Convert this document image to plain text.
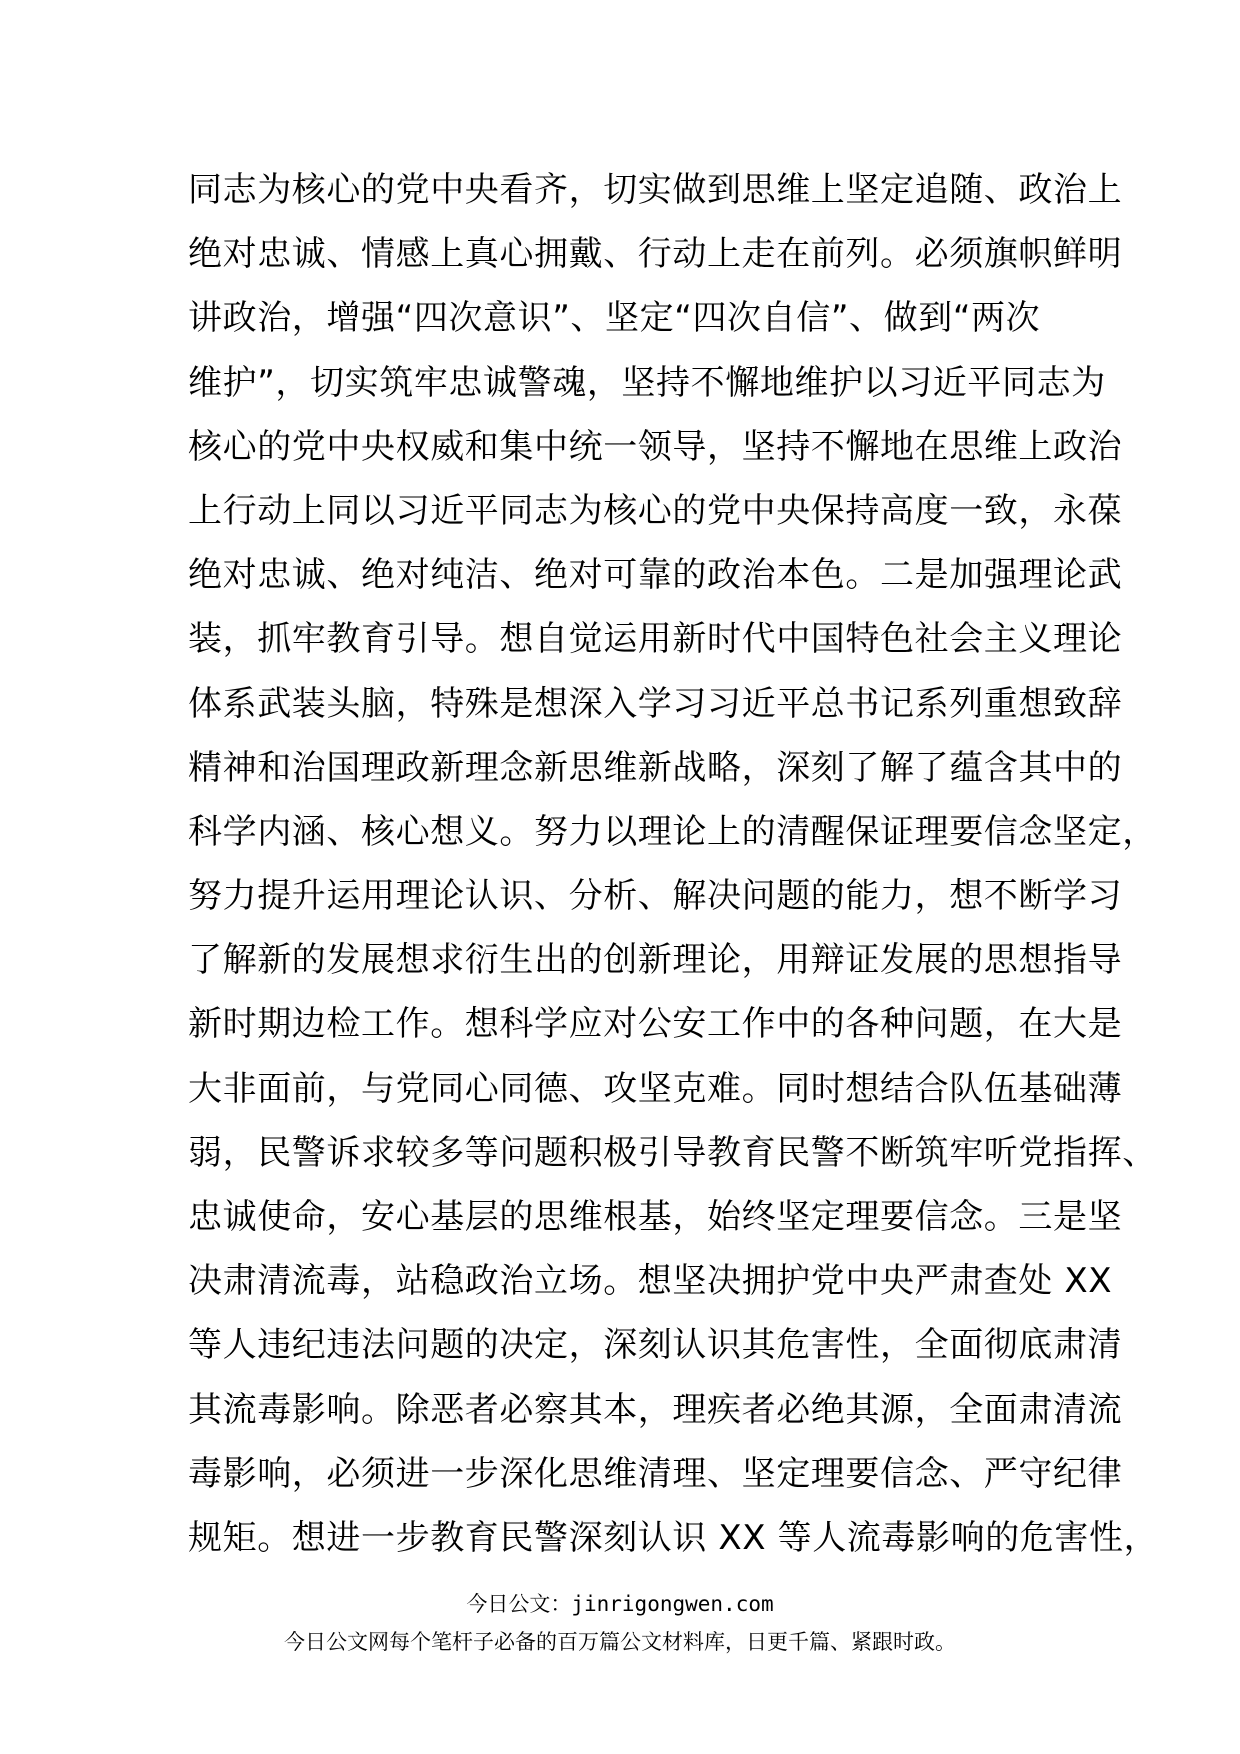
同志为核心的党中央看齐，切实做到思维上坚定追随、政治上
绝对忠诚、情感上真心拥戴、行动上走在前列。必须旗帜鲜明
讲政治，增强“四次意识”、坚定“四次自信”、做到“两次
维护”，切实筑牢忠诚警魂，坚持不懈地维护以习近平同志为
核心的党中央权威和集中统一领导，坚持不懈地在思维上政治
上行动上同以习近平同志为核心的党中央保持高度一致，永葆
绝对忠诚、绝对纯洁、绝对可靠的政治本色。二是加强理论武
装，抓牢教育引导。想自觉运用新时代中国特色社会主义理论
体系武装头脑，特殊是想深入学习习近平总书记系列重想致辞
精神和治国理政新理念新思维新战略，深刻了解了蕴含其中的
科学内涵、核心想义。努力以理论上的清醒保证理要信念坚定，
努力提升运用理论认识、分析、解决问题的能力，想不断学习
了解新的发展想求衍生出的创新理论，用辩证发展的思想指导
新时期边检工作。想科学应对公安工作中的各种问题，在大是
大非面前，与党同心同德、攻坚克难。同时想结合队伍基础薄
弱，民警诉求较多等问题积极引导教育民警不断筑牢听党指挥、
忠诚使命，安心基层的思维根基，始终坚定理要信念。三是坚
决肃清流毒，站稳政治立场。想坚决拥护党中央严肃查处 XX
等人违纪违法问题的决定，深刻认识其危害性，全面彻底肃清
其流毒影响。除恶者必察其本，理疾者必绝其源，全面肃清流
毒影响，必须进一步深化思维清理、坚定理要信念、严守纪律
规矩。想进一步教育民警深刻认识 XX 等人流毒影响的危害性，
今日公文：jinrigongwen.com
今日公文网每个笔杆子必备的百万篇公文材料库，日更千篇、紧跟时政。
